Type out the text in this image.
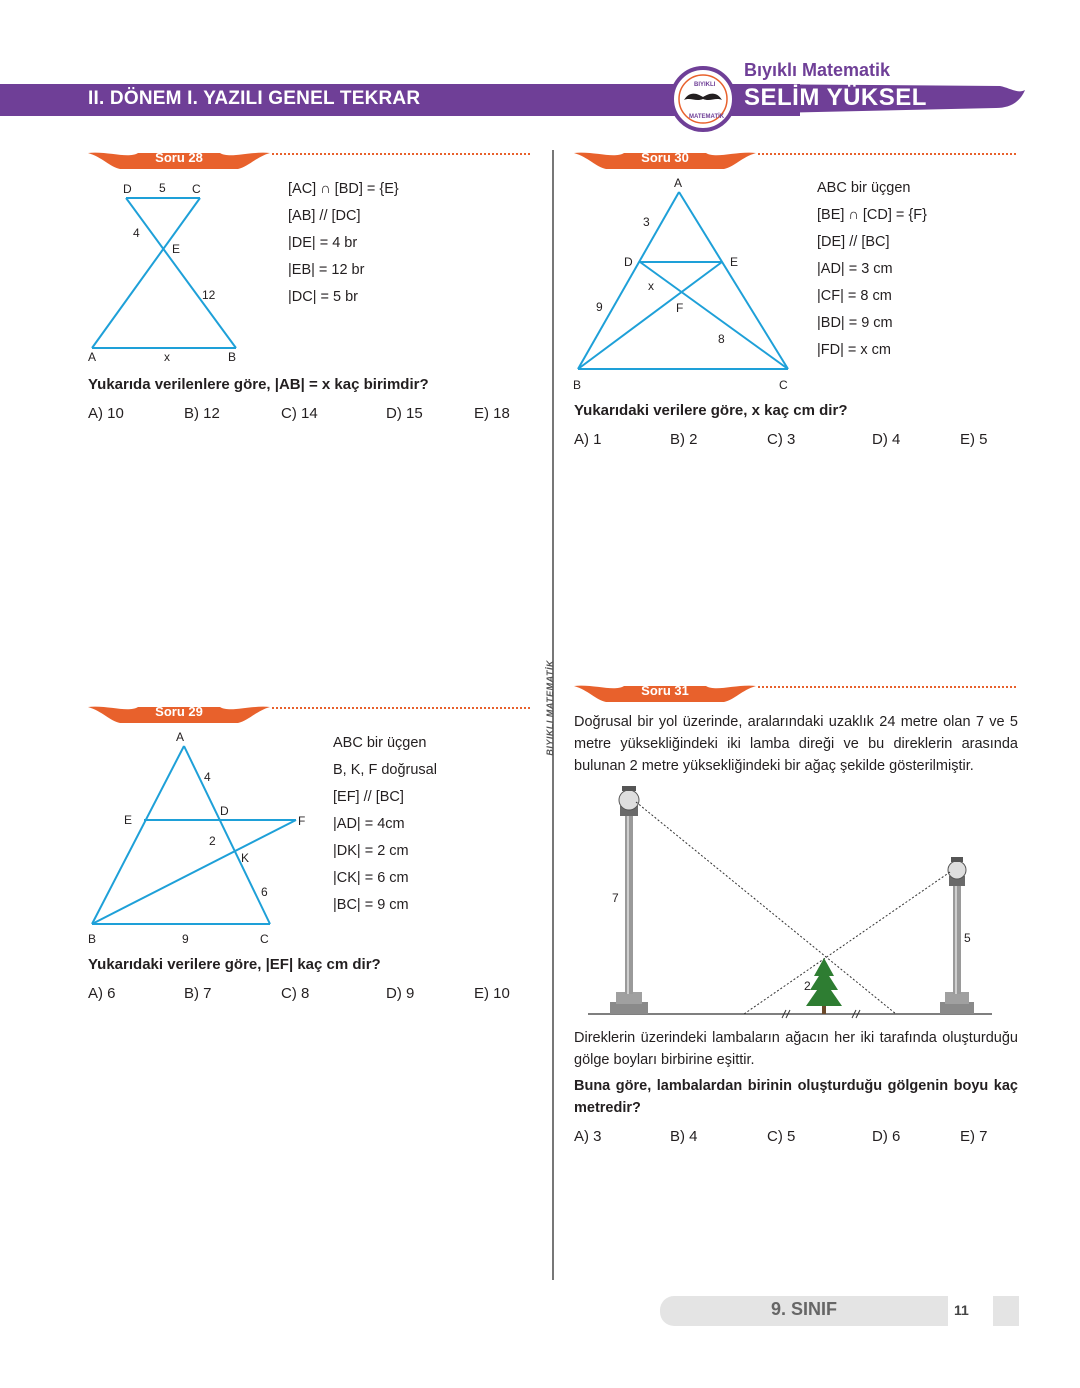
II. DÖNEM I. YAZILI GENEL TEKRAR
Bıyıklı Matematik
SELİM YÜKSEL
BIYIKLI
MATEMATİK
BIYIKLI MATEMATİK
Soru 28
D 5 C
4
E
12
A	x	B
[AC] ∩ [BD] = {E}
[AB] // [DC]
|DE| = 4 br
|EB| = 12 br
|DC| = 5 br
Yukarıda verilenlere göre, |AB| = x kaç birimdir?
A) 10	B) 12	C) 14	D) 15	E) 18
Soru 29
A
4
E
D
F
2
K
6
B	9	C
ABC bir üçgen
B, K, F doğrusal
[EF] // [BC]
|AD| = 4cm
|DK| = 2 cm
|CK| = 6 cm
|BC| = 9 cm
Yukarıdaki verilere göre, |EF| kaç cm dir?
A) 6	B) 7	C) 8	D) 9	E) 10
Soru 30
A
3
D	E
x
F
9
8
B	C
ABC bir üçgen
[BE] ∩ [CD] = {F}
[DE] // [BC]
|AD| = 3 cm
|CF| = 8 cm
|BD| = 9 cm
|FD| = x cm
Yukarıdaki verilere göre, x kaç cm dir?
A) 1	B) 2	C) 3	D) 4	E) 5
Soru 31
Doğrusal bir yol üzerinde, aralarındaki uzaklık 24 metre olan 7 ve 5 metre yüksekliğindeki iki lamba direği ve bu direklerin arasında bulunan 2 metre yüksekliğindeki bir ağaç şekilde gösterilmiştir.
7
5
2
Direklerin üzerindeki lambaların ağacın her iki tarafında oluşturduğu gölge boyları birbirine eşittir.
Buna göre, lambalardan birinin oluşturduğu gölgenin boyu kaç metredir?
A) 3	B) 4	C) 5	D) 6	E) 7
9. SINIF	11
